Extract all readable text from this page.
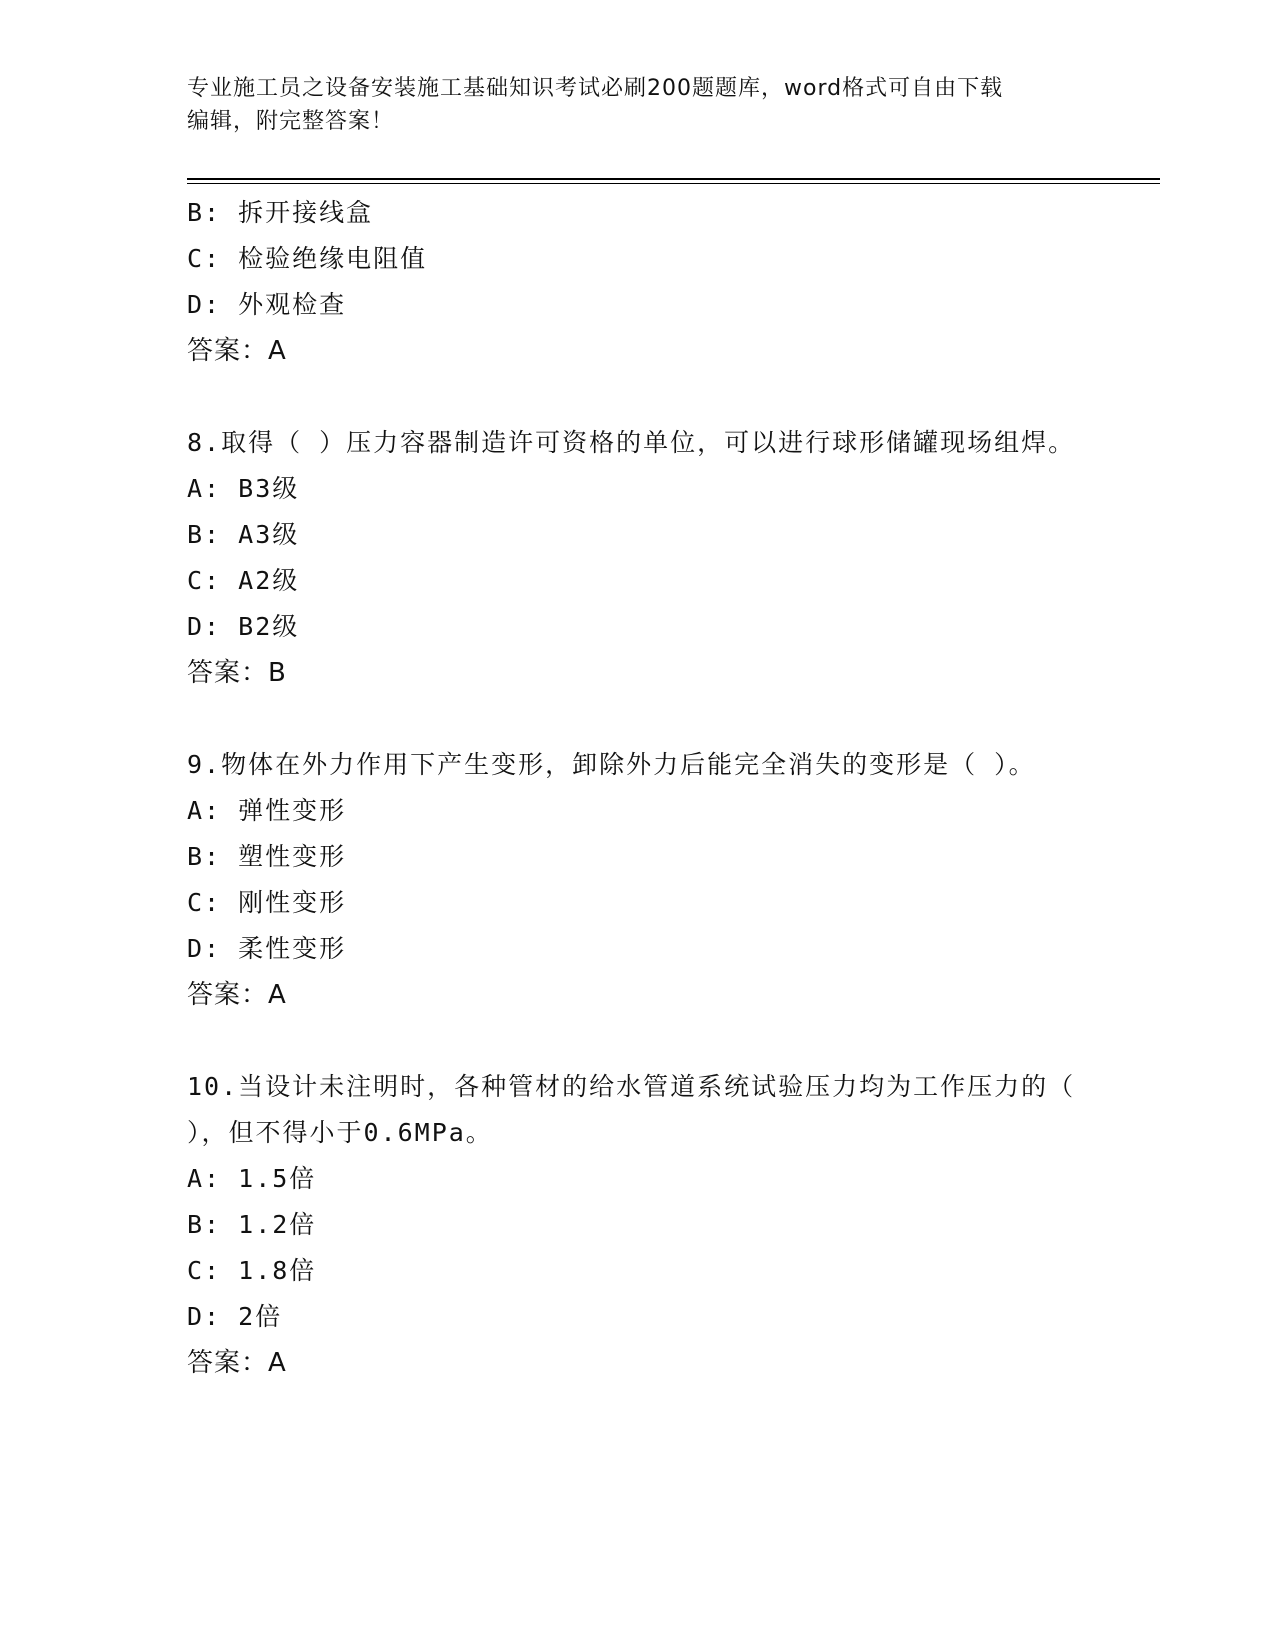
专业施工员之设备安装施工基础知识考试必刷200题题库，word格式可自由下载
编辑，附完整答案！
B: 拆开接线盒
C: 检验绝缘电阻值
D: 外观检查
答案：A
8.取得（ ）压力容器制造许可资格的单位，可以进行球形储罐现场组焊。
A: B3级
B: A3级
C: A2级
D: B2级
答案：B
9.物体在外力作用下产生变形，卸除外力后能完全消失的变形是（ ）。
A: 弹性变形
B: 塑性变形
C: 刚性变形
D: 柔性变形
答案：A
10.当设计未注明时，各种管材的给水管道系统试验压力均为工作压力的（ ），但不得小于0.6MPa。
A: 1.5倍
B: 1.2倍
C: 1.8倍
D: 2倍
答案：A
